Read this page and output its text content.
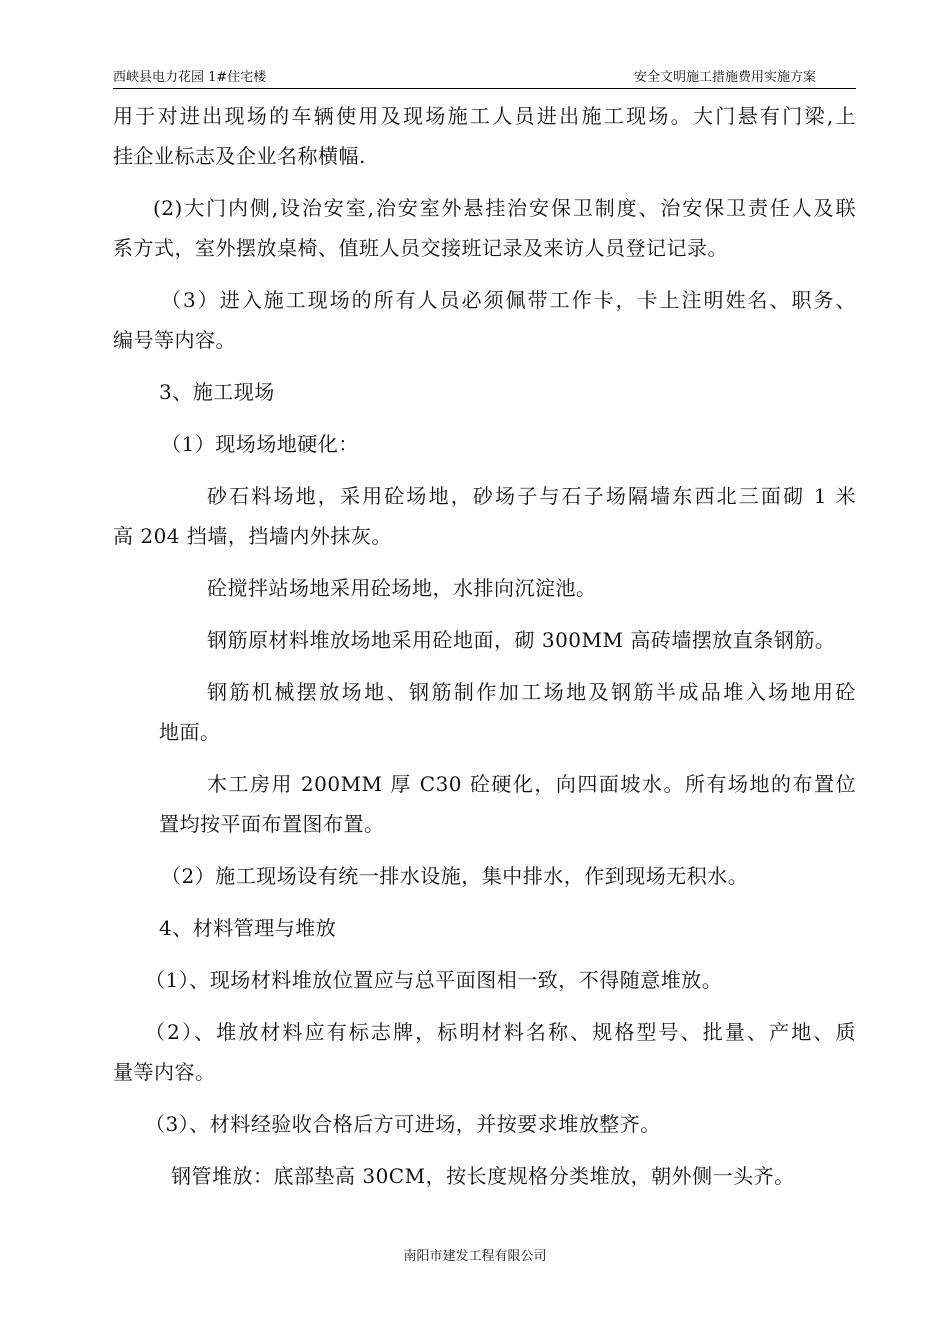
西峡县电力花园 1#住宅楼	安全文明施工措施费用实施方案
用于对进出现场的车辆使用及现场施工人员进出施工现场。大门悬有门梁,上
挂企业标志及企业名称横幅.
(2)大门内侧,设治安室,治安室外悬挂治安保卫制度、治安保卫责任人及联
系方式，室外摆放桌椅、值班人员交接班记录及来访人员登记记录。
（3）进入施工现场的所有人员必须佩带工作卡，卡上注明姓名、职务、
编号等内容。
3、施工现场
（1）现场场地硬化：
砂石料场地，采用砼场地，砂场子与石子场隔墙东西北三面砌 1 米
高 204 挡墙，挡墙内外抹灰。
砼搅拌站场地采用砼场地，水排向沉淀池。
钢筋原材料堆放场地采用砼地面，砌 300MM 高砖墙摆放直条钢筋。
钢筋机械摆放场地、钢筋制作加工场地及钢筋半成品堆入场地用砼
地面。
木工房用 200MM 厚 C30 砼硬化，向四面坡水。所有场地的布置位
置均按平面布置图布置。
（2）施工现场设有统一排水设施，集中排水，作到现场无积水。
4、材料管理与堆放
（1）、现场材料堆放位置应与总平面图相一致，不得随意堆放。
（2）、堆放材料应有标志牌，标明材料名称、规格型号、批量、产地、质
量等内容。
（3）、材料经验收合格后方可进场，并按要求堆放整齐。
钢管堆放：底部垫高 30CM，按长度规格分类堆放，朝外侧一头齐。
南阳市建发工程有限公司
